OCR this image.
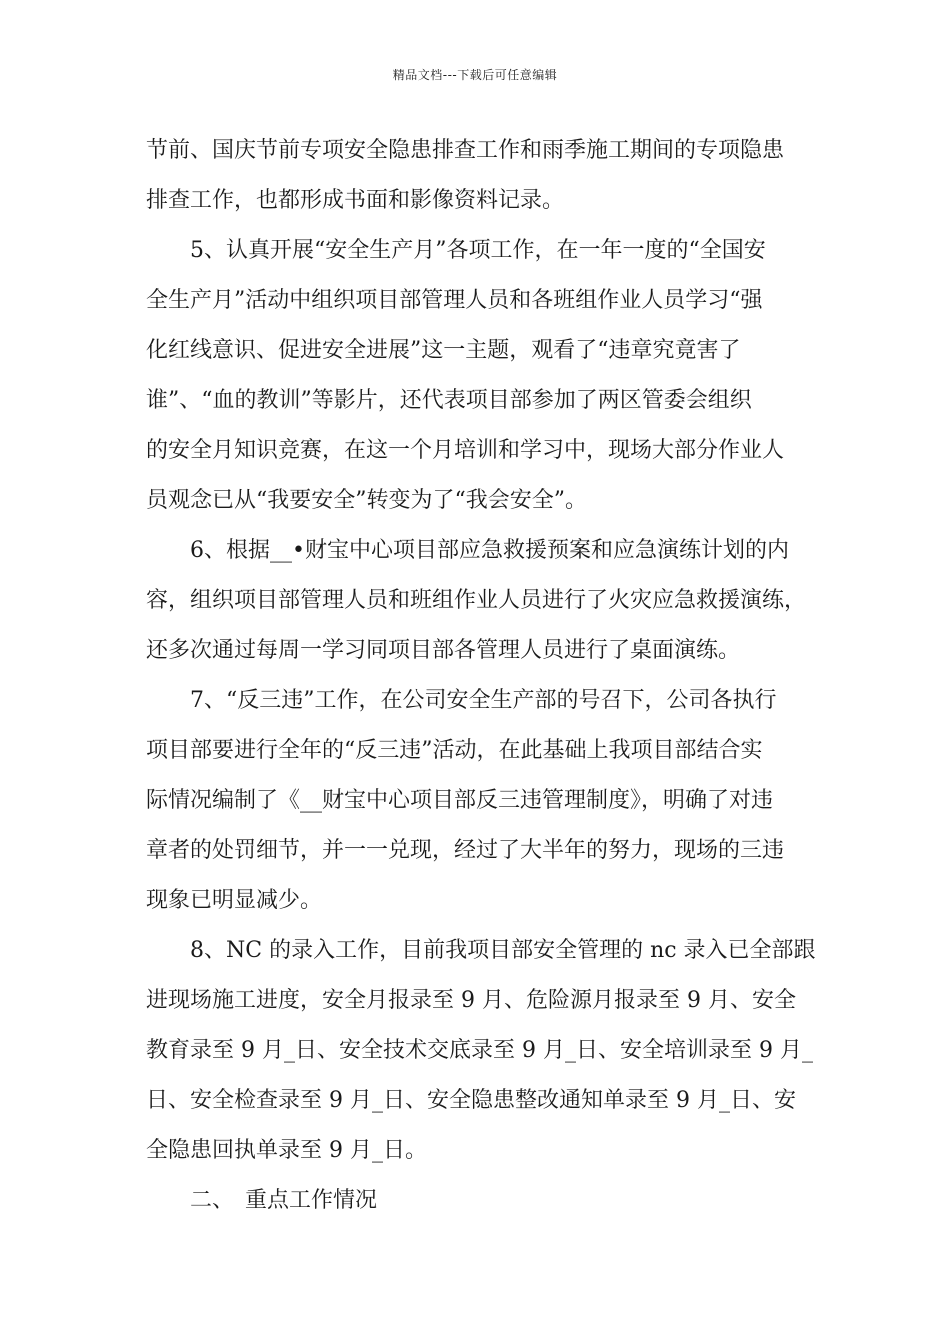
精品文档---下载后可任意编辑
节前、国庆节前专项安全隐患排查工作和雨季施工期间的专项隐患
排查工作，也都形成书面和影像资料记录。
　　5、认真开展“安全生产月”各项工作，在一年一度的“全国安
全生产月”活动中组织项目部管理人员和各班组作业人员学习“强
化红线意识、促进安全进展”这一主题，观看了“违章究竟害了
谁”、“血的教训”等影片，还代表项目部参加了两区管委会组织
的安全月知识竞赛，在这一个月培训和学习中，现场大部分作业人
员观念已从“我要安全”转变为了“我会安全”。
　　6、根据__•财宝中心项目部应急救援预案和应急演练计划的内
容，组织项目部管理人员和班组作业人员进行了火灾应急救援演练，
还多次通过每周一学习同项目部各管理人员进行了桌面演练。
　　7、“反三违”工作，在公司安全生产部的号召下，公司各执行
项目部要进行全年的“反三违”活动，在此基础上我项目部结合实
际情况编制了《__财宝中心项目部反三违管理制度》，明确了对违
章者的处罚细节，并一一兑现，经过了大半年的努力，现场的三违
现象已明显减少。
　　8、NC 的录入工作，目前我项目部安全管理的 nc 录入已全部跟
进现场施工进度，安全月报录至 9 月、危险源月报录至 9 月、安全
教育录至 9 月_日、安全技术交底录至 9 月_日、安全培训录至 9 月_
日、安全检查录至 9 月_日、安全隐患整改通知单录至 9 月_日、安
全隐患回执单录至 9 月_日。
　　二、　重点工作情况
